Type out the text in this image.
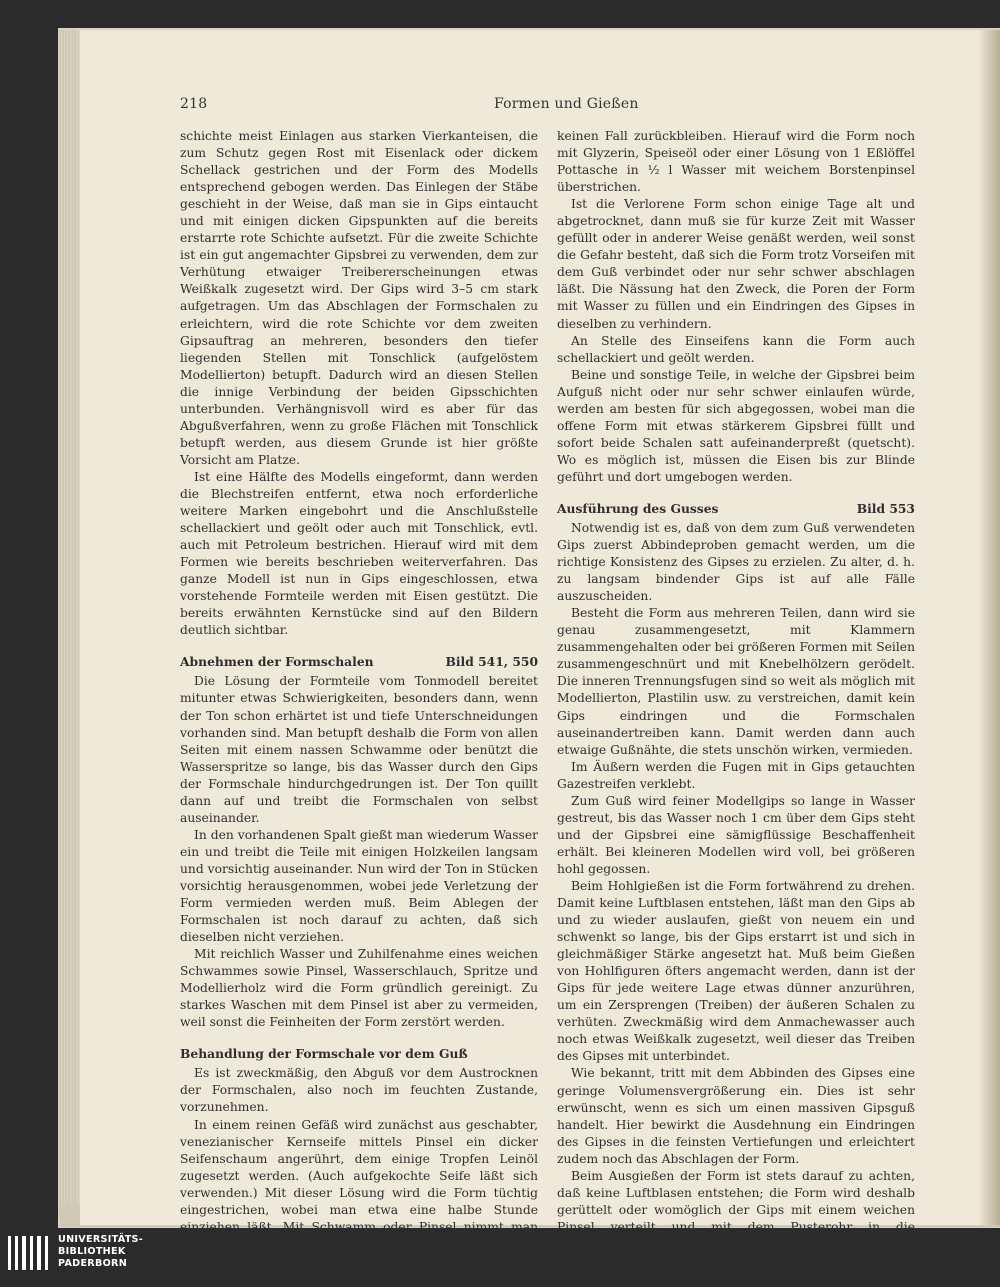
218	Formen und Gießen

schichte meist Einlagen aus starken Vierkanteisen, die zum Schutz gegen Rost mit Eisenlack oder dickem Schellack gestrichen und der Form des Modells entsprechend gebogen werden. Das Einlegen der Stäbe geschieht in der Weise, daß man sie in Gips eintaucht und mit einigen dicken Gipspunkten auf die bereits erstarrte rote Schichte aufsetzt. Für die zweite Schichte ist ein gut angemachter Gipsbrei zu verwenden, dem zur Verhütung etwaiger Treibererscheinungen etwas Weißkalk zugesetzt wird. Der Gips wird 3–5 cm stark aufgetragen. Um das Abschlagen der Formschalen zu erleichtern, wird die rote Schichte vor dem zweiten Gipsauftrag an mehreren, besonders den tiefer liegenden Stellen mit Tonschlick (aufgelöstem Modellierton) betupft. Dadurch wird an diesen Stellen die innige Verbindung der beiden Gipsschichten unterbunden. Verhängnisvoll wird es aber für das Abgußverfahren, wenn zu große Flächen mit Tonschlick betupft werden, aus diesem Grunde ist hier größte Vorsicht am Platze.

Ist eine Hälfte des Modells eingeformt, dann werden die Blechstreifen entfernt, etwa noch erforderliche weitere Marken eingebohrt und die Anschlußstelle schellackiert und geölt oder auch mit Tonschlick, evtl. auch mit Petroleum bestrichen. Hierauf wird mit dem Formen wie bereits beschrieben weiterverfahren. Das ganze Modell ist nun in Gips eingeschlossen, etwa vorstehende Formteile werden mit Eisen gestützt. Die bereits erwähnten Kernstücke sind auf den Bildern deutlich sichtbar.

Abnehmen der Formschalen	Bild 541, 550

Die Lösung der Formteile vom Tonmodell bereitet mitunter etwas Schwierigkeiten, besonders dann, wenn der Ton schon erhärtet ist und tiefe Unterschneidungen vorhanden sind. Man betupft deshalb die Form von allen Seiten mit einem nassen Schwamme oder benützt die Wasserspritze so lange, bis das Wasser durch den Gips der Formschale hindurchgedrungen ist. Der Ton quillt dann auf und treibt die Formschalen von selbst auseinander.

In den vorhandenen Spalt gießt man wiederum Wasser ein und treibt die Teile mit einigen Holzkeilen langsam und vorsichtig auseinander. Nun wird der Ton in Stücken vorsichtig herausgenommen, wobei jede Verletzung der Form vermieden werden muß. Beim Ablegen der Formschalen ist noch darauf zu achten, daß sich dieselben nicht verziehen.

Mit reichlich Wasser und Zuhilfenahme eines weichen Schwammes sowie Pinsel, Wasserschlauch, Spritze und Modellierholz wird die Form gründlich gereinigt. Zu starkes Waschen mit dem Pinsel ist aber zu vermeiden, weil sonst die Feinheiten der Form zerstört werden.

Behandlung der Formschale vor dem Guß

Es ist zweckmäßig, den Abguß vor dem Austrocknen der Formschalen, also noch im feuchten Zustande, vorzunehmen.

In einem reinen Gefäß wird zunächst aus geschabter, venezianischer Kernseife mittels Pinsel ein dicker Seifenschaum angerührt, dem einige Tropfen Leinöl zugesetzt werden. (Auch aufgekochte Seife läßt sich verwenden.) Mit dieser Lösung wird die Form tüchtig eingestrichen, wobei man etwa eine halbe Stunde einziehen läßt. Mit Schwamm oder Pinsel nimmt man den restlichen Seifenschaum heraus, so daß nur noch ein hauchartiger Überzug vorhanden ist. Seifenreste dürfen auf

keinen Fall zurückbleiben. Hierauf wird die Form noch mit Glyzerin, Speiseöl oder einer Lösung von 1 Eßlöffel Pottasche in ½ l Wasser mit weichem Borstenpinsel überstrichen.

Ist die Verlorene Form schon einige Tage alt und abgetrocknet, dann muß sie für kurze Zeit mit Wasser gefüllt oder in anderer Weise genäßt werden, weil sonst die Gefahr besteht, daß sich die Form trotz Vorseifen mit dem Guß verbindet oder nur sehr schwer abschlagen läßt. Die Nässung hat den Zweck, die Poren der Form mit Wasser zu füllen und ein Eindringen des Gipses in dieselben zu verhindern.

An Stelle des Einseifens kann die Form auch schellackiert und geölt werden.

Beine und sonstige Teile, in welche der Gipsbrei beim Aufguß nicht oder nur sehr schwer einlaufen würde, werden am besten für sich abgegossen, wobei man die offene Form mit etwas stärkerem Gipsbrei füllt und sofort beide Schalen satt aufeinanderpreßt (quetscht). Wo es möglich ist, müssen die Eisen bis zur Blinde geführt und dort umgebogen werden.

Ausführung des Gusses	Bild 553

Notwendig ist es, daß von dem zum Guß verwendeten Gips zuerst Abbindeproben gemacht werden, um die richtige Konsistenz des Gipses zu erzielen. Zu alter, d. h. zu langsam bindender Gips ist auf alle Fälle auszuscheiden.

Besteht die Form aus mehreren Teilen, dann wird sie genau zusammengesetzt, mit Klammern zusammengehalten oder bei größeren Formen mit Seilen zusammengeschnürt und mit Knebelhölzern gerödelt. Die inneren Trennungsfugen sind so weit als möglich mit Modellierton, Plastilin usw. zu verstreichen, damit kein Gips eindringen und die Formschalen auseinandertreiben kann. Damit werden dann auch etwaige Gußnähte, die stets unschön wirken, vermieden.

Im Äußern werden die Fugen mit in Gips getauchten Gazestreifen verklebt.

Zum Guß wird feiner Modellgips so lange in Wasser gestreut, bis das Wasser noch 1 cm über dem Gips steht und der Gipsbrei eine sämigflüssige Beschaffenheit erhält. Bei kleineren Modellen wird voll, bei größeren hohl gegossen.

Beim Hohlgießen ist die Form fortwährend zu drehen. Damit keine Luftblasen entstehen, läßt man den Gips ab und zu wieder auslaufen, gießt von neuem ein und schwenkt so lange, bis der Gips erstarrt ist und sich in gleichmäßiger Stärke angesetzt hat. Muß beim Gießen von Hohlfiguren öfters angemacht werden, dann ist der Gips für jede weitere Lage etwas dünner anzurühren, um ein Zersprengen (Treiben) der äußeren Schalen zu verhüten. Zweckmäßig wird dem Anmachewasser auch noch etwas Weißkalk zugesetzt, weil dieser das Treiben des Gipses mit unterbindet.

Wie bekannt, tritt mit dem Abbinden des Gipses eine geringe Volumensvergrößerung ein. Dies ist sehr erwünscht, wenn es sich um einen massiven Gipsguß handelt. Hier bewirkt die Ausdehnung ein Eindringen des Gipses in die feinsten Vertiefungen und erleichtert zudem noch das Abschlagen der Form.

Beim Ausgießen der Form ist stets darauf zu achten, daß keine Luftblasen entstehen; die Form wird deshalb gerüttelt oder womöglich der Gips mit einem weichen Pinsel verteilt und mit dem Pusterohr in die Vertiefungen hineingeblasen.

Große Modelle werden nicht voll, sondern 5–6 cm stark

UNIVERSITÄTS-
BIBLIOTHEK
PADERBORN
